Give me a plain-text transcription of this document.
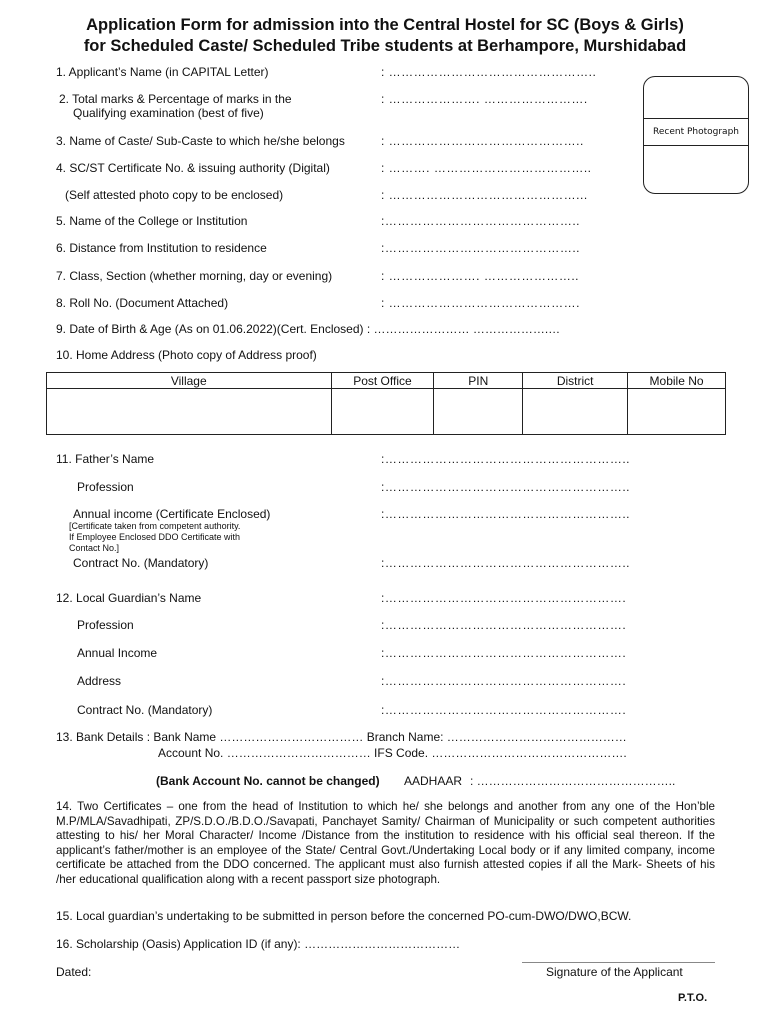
Application Form for admission into the Central Hostel for SC (Boys & Girls)
for Scheduled Caste/ Scheduled Tribe students at Berhampore, Murshidabad
Recent Photograph
1. Applicant’s Name (in CAPITAL Letter)	: …………………………………………..
2. Total marks & Percentage of marks in the
Qualifying examination (best of five)
: …………………. …………………….
3. Name of Caste/ Sub-Caste to which he/she belongs	: ………………………………………..
4. SC/ST Certificate No. & issuing authority (Digital)	: ………. ………………………………..
(Self attested photo copy to be enclosed)	: ………………………………………...
5. Name of the College or Institution	:………………………………………..
6. Distance from Institution to residence	:………………………………………..
7. Class, Section (whether morning, day or evening)	: …………………. …………………..
8. Roll No. (Document Attached)	: ……………………………………….
9. Date of Birth & Age (As on 01.06.2022)(Cert. Enclosed) : …………………… ……………….…
10. Home Address (Photo copy of Address proof)
Village	Post Office	PIN	District	Mobile No

11. Father’s Name	:…………………………………………………..
Profession	:…………………………………………………..
Annual income (Certificate Enclosed)	:…………………………………………………..
[Certificate taken from competent authority.
If Employee Enclosed DDO Certificate with
Contact No.]
Contract No. (Mandatory)	:…………………………………………………..
12. Local Guardian’s Name	:………………………………………………….
Profession	:………………………………………………….
Annual Income	:………………………………………………….
Address	:………………………………………………….
Contract No. (Mandatory)	:………………………………………………….
13. Bank Details : Bank Name ……………………………… Branch Name: ………………………………………
Account No. ……………………………… IFS Code. ………………………………………….
(Bank Account No. cannot be changed) AADHAAR : …………………………………………..
14. Two Certificates – one from the head of Institution to which he/ she belongs and another from any one of the Hon’ble M.P/MLA/Savadhipati, ZP/S.D.O./B.D.O./Savapati, Panchayet Samity/ Chairman of Municipality or such competent authorities attesting to his/ her Moral Character/ Income /Distance from the institution to residence with his official seal thereon. If the applicant’s father/mother is an employee of the State/ Central Govt./Undertaking Local body or if any limited company, income certificate be attached from the DDO concerned. The applicant must also furnish attested copies if all the Mark- Sheets of his /her educational qualification along with a recent passport size photograph.
15. Local guardian’s undertaking to be submitted in person before the concerned PO-cum-DWO/DWO,BCW.
16. Scholarship (Oasis) Application ID (if any): …………………………………
Dated:	Signature of the Applicant
P.T.O.
